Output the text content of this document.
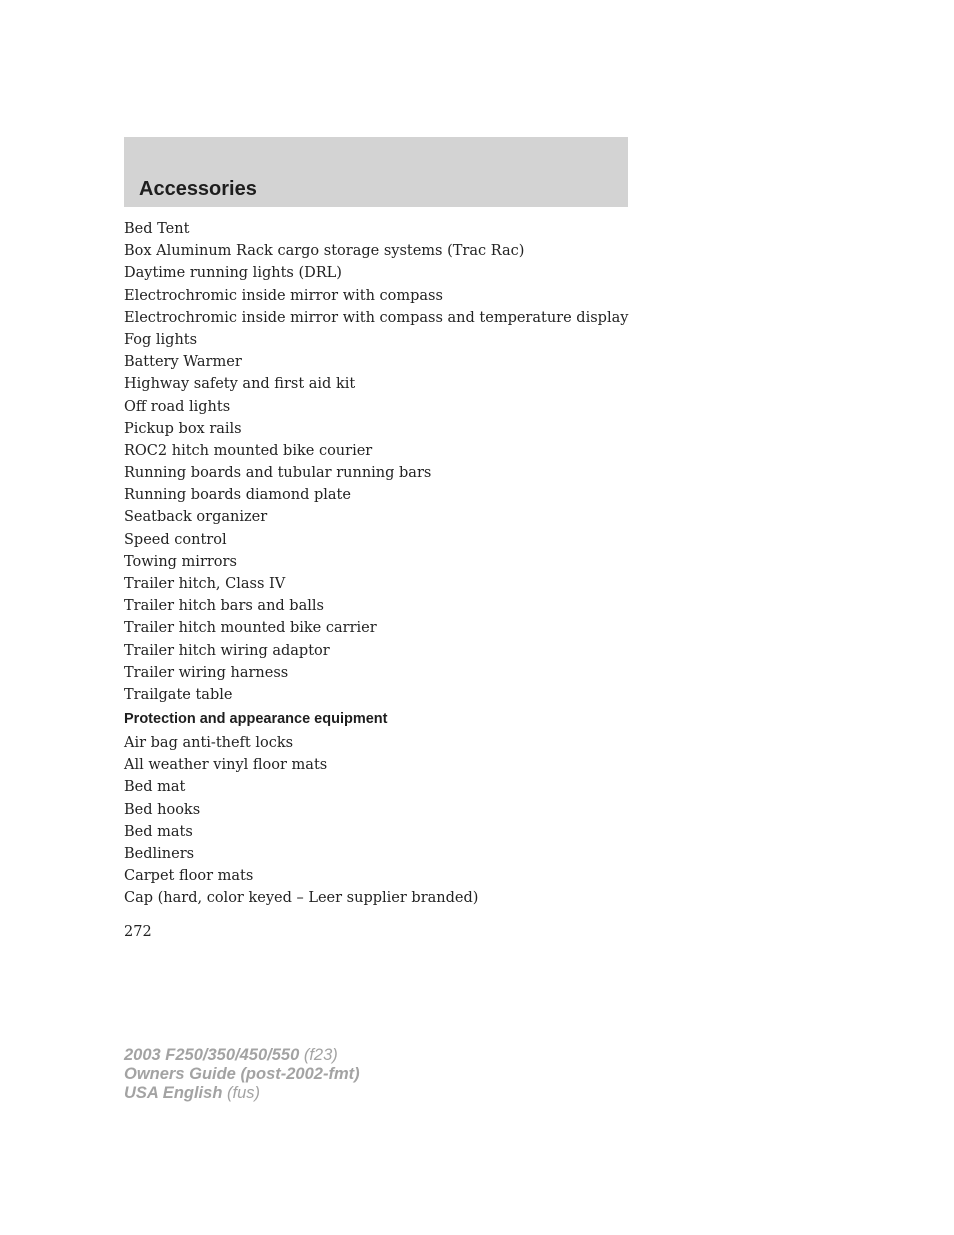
Accessories
Bed Tent
Box Aluminum Rack cargo storage systems (Trac Rac)
Daytime running lights (DRL)
Electrochromic inside mirror with compass
Electrochromic inside mirror with compass and temperature display
Fog lights
Battery Warmer
Highway safety and first aid kit
Off road lights
Pickup box rails
ROC2 hitch mounted bike courier
Running boards and tubular running bars
Running boards diamond plate
Seatback organizer
Speed control
Towing mirrors
Trailer hitch, Class IV
Trailer hitch bars and balls
Trailer hitch mounted bike carrier
Trailer hitch wiring adaptor
Trailer wiring harness
Trailgate table
Protection and appearance equipment
Air bag anti-theft locks
All weather vinyl floor mats
Bed mat
Bed hooks
Bed mats
Bedliners
Carpet floor mats
Cap (hard, color keyed – Leer supplier branded)
272
2003 F250/350/450/550 (f23)
Owners Guide (post-2002-fmt)
USA English (fus)
